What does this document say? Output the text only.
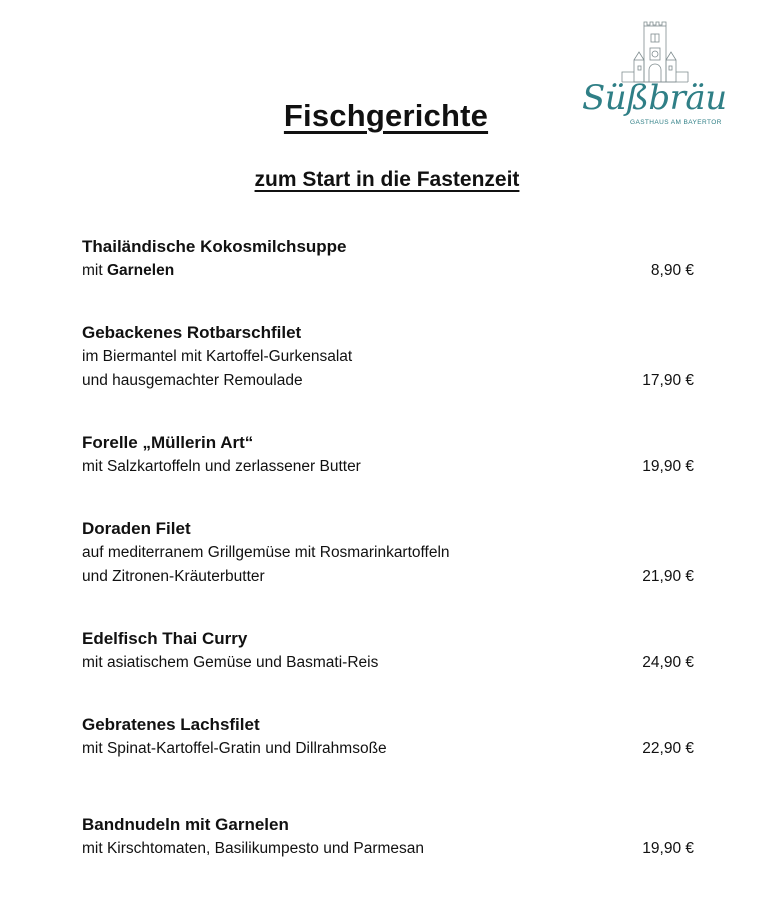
Süßbräu
GASTHAUS AM BAYERTOR
Fischgerichte
zum Start in die Fastenzeit
Thailändische Kokosmilchsuppe
mit Garnelen	8,90 €
Gebackenes Rotbarschfilet
im Biermantel mit Kartoffel-Gurkensalat
und hausgemachter Remoulade	17,90 €
Forelle „Müllerin Art“
mit Salzkartoffeln und zerlassener Butter	19,90 €
Doraden Filet
auf mediterranem Grillgemüse mit Rosmarinkartoffeln
und Zitronen-Kräuterbutter	21,90 €
Edelfisch Thai Curry
mit asiatischem Gemüse und Basmati-Reis	24,90 €
Gebratenes Lachsfilet
mit Spinat-Kartoffel-Gratin und Dillrahmsoße	22,90 €
Bandnudeln mit Garnelen
mit Kirschtomaten, Basilikumpesto und Parmesan	19,90 €
